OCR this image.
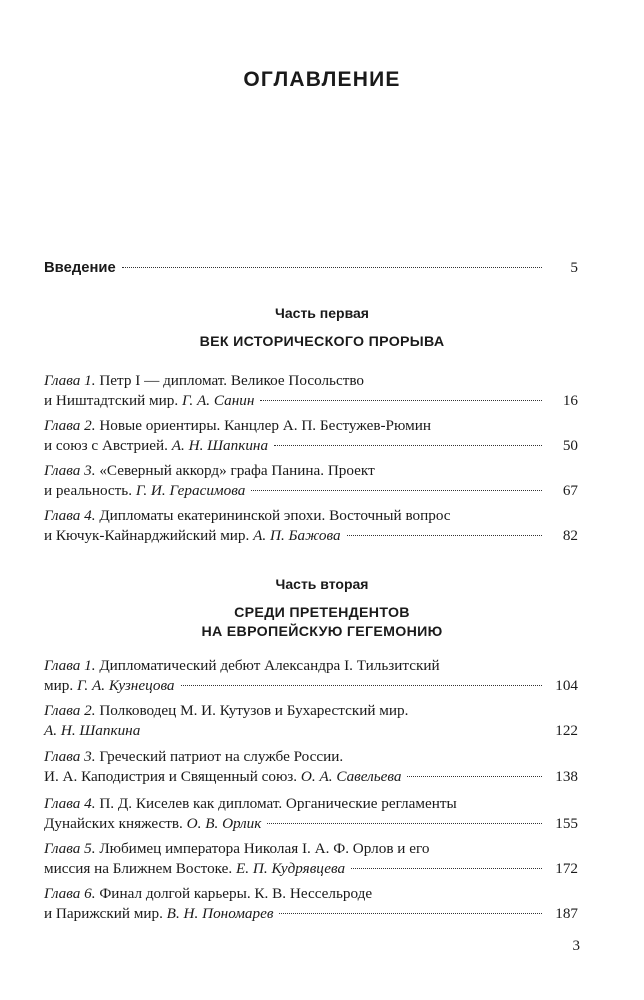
ОГЛАВЛЕНИЕ
Введение	5
Часть первая
ВЕК ИСТОРИЧЕСКОГО ПРОРЫВА
Глава 1. Петр I — дипломат. Великое Посольство
и Ништадтский мир.
Г. А. Санин	16
Глава 2. Новые ориентиры. Канцлер А. П. Бестужев-Рюмин
и союз с Австрией.
А. Н. Шапкина	50
Глава 3. «Северный аккорд» графа Панина. Проект
и реальность.
Г. И. Герасимова	67
Глава 4. Дипломаты екатерининской эпохи. Восточный вопрос
и Кючук-Кайнарджийский мир.
А. П. Бажова	82
Часть вторая
СРЕДИ ПРЕТЕНДЕНТОВ
НА ЕВРОПЕЙСКУЮ ГЕГЕМОНИЮ
Глава 1. Дипломатический дебют Александра I. Тильзитский
мир.
Г. А. Кузнецова	104
Глава 2. Полководец М. И. Кутузов и Бухарестский мир.
А. Н. Шапкина	122
Глава 3. Греческий патриот на службе России.
И. А. Каподистрия и Священный союз.
О. А. Савельева	138
Глава 4. П. Д. Киселев как дипломат. Органические регламенты
Дунайских княжеств.
О. В. Орлик	155
Глава 5. Любимец императора Николая I. А. Ф. Орлов и его
миссия на Ближнем Востоке.
Е. П. Кудрявцева	172
Глава 6. Финал долгой карьеры. К. В. Нессельроде
и Парижский мир.
В. Н. Пономарев	187
3
